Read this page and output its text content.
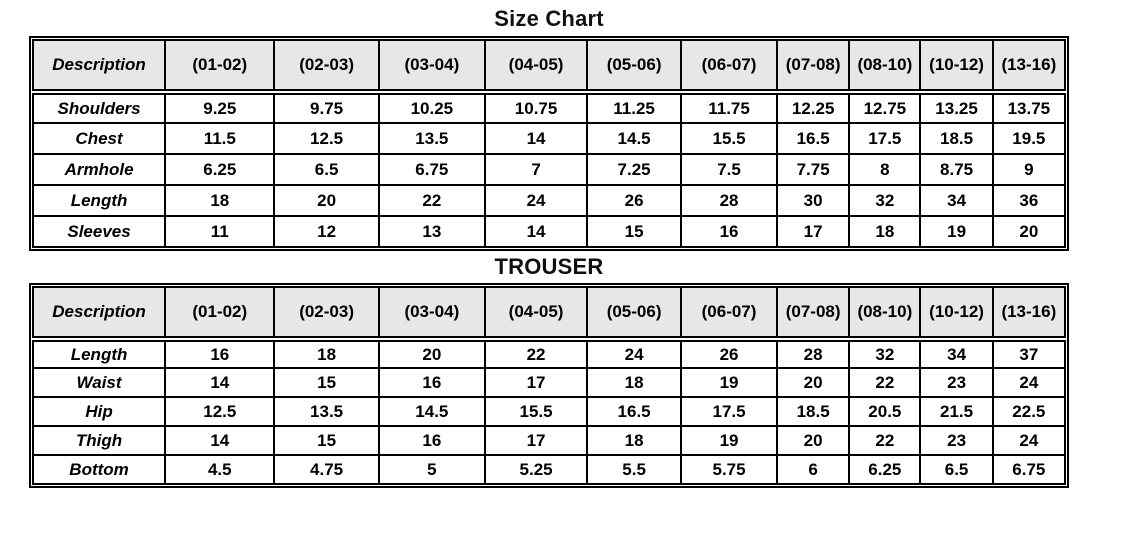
Size Chart
Description	(01-02)	(02-03)	(03-04)	(04-05)	(05-06)	(06-07)	(07-08)	(08-10)	(10-12)	(13-16)
Shoulders	9.25	9.75	10.25	10.75	11.25	11.75	12.25	12.75	13.25	13.75
Chest	11.5	12.5	13.5	14	14.5	15.5	16.5	17.5	18.5	19.5
Armhole	6.25	6.5	6.75	7	7.25	7.5	7.75	8	8.75	9
Length	18	20	22	24	26	28	30	32	34	36
Sleeves	11	12	13	14	15	16	17	18	19	20
TROUSER
Description	(01-02)	(02-03)	(03-04)	(04-05)	(05-06)	(06-07)	(07-08)	(08-10)	(10-12)	(13-16)
Length	16	18	20	22	24	26	28	32	34	37
Waist	14	15	16	17	18	19	20	22	23	24
Hip	12.5	13.5	14.5	15.5	16.5	17.5	18.5	20.5	21.5	22.5
Thigh	14	15	16	17	18	19	20	22	23	24
Bottom	4.5	4.75	5	5.25	5.5	5.75	6	6.25	6.5	6.75
